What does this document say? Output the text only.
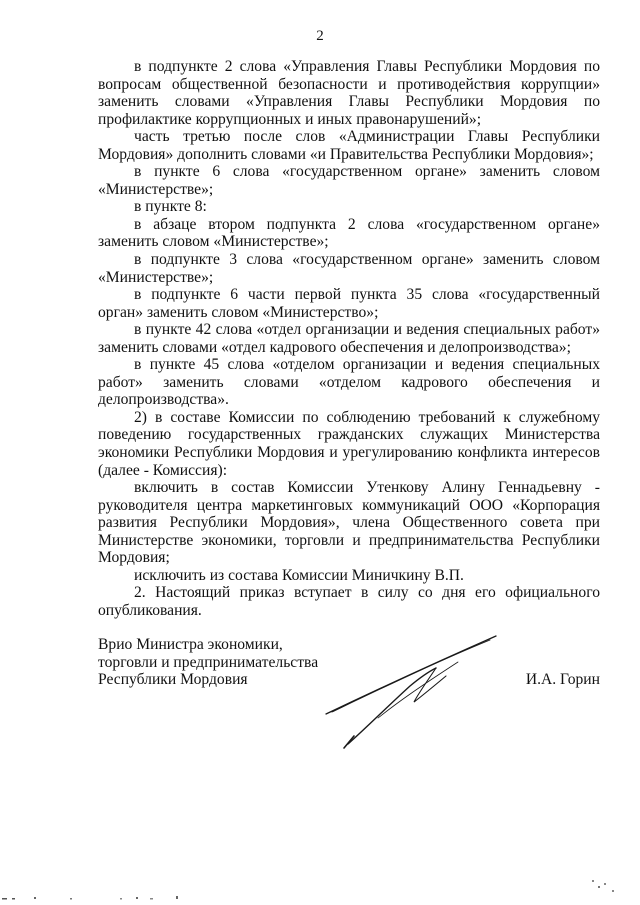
2

в подпункте 2 слова «Управления Главы Республики Мордовия по вопросам общественной безопасности и противодействия коррупции» заменить словами «Управления Главы Республики Мордовия по профилактике коррупционных и иных правонарушений»;

часть третью после слов «Администрации Главы Республики Мордовия» дополнить словами «и Правительства Республики Мордовия»;

в пункте 6 слова «государственном органе» заменить словом «Министерстве»;

в пункте 8:

в абзаце втором подпункта 2 слова «государственном органе» заменить словом «Министерстве»;

в подпункте 3 слова «государственном органе» заменить словом «Министерстве»;

в подпункте 6 части первой пункта 35 слова «государственный орган» заменить словом «Министерство»;

в пункте 42 слова «отдел организации и ведения специальных работ» заменить словами «отдел кадрового обеспечения и делопроизводства»;

в пункте 45 слова «отделом организации и ведения специальных работ» заменить словами «отделом кадрового обеспечения и делопроизводства».

2) в составе Комиссии по соблюдению требований к служебному поведению государственных гражданских служащих Министерства экономики Республики Мордовия и урегулированию конфликта интересов (далее - Комиссия):

включить в состав Комиссии Утенкову Алину Геннадьевну - руководителя центра маркетинговых коммуникаций ООО «Корпорация развития Республики Мордовия», члена Общественного совета при Министерстве экономики, торговли и предпринимательства Республики Мордовия;

исключить из состава Комиссии Миничкину В.П.

2. Настоящий приказ вступает в силу со дня его официального опубликования.

Врио Министра экономики,
торговли и предпринимательства
Республики Мордовия	И.А. Горин
